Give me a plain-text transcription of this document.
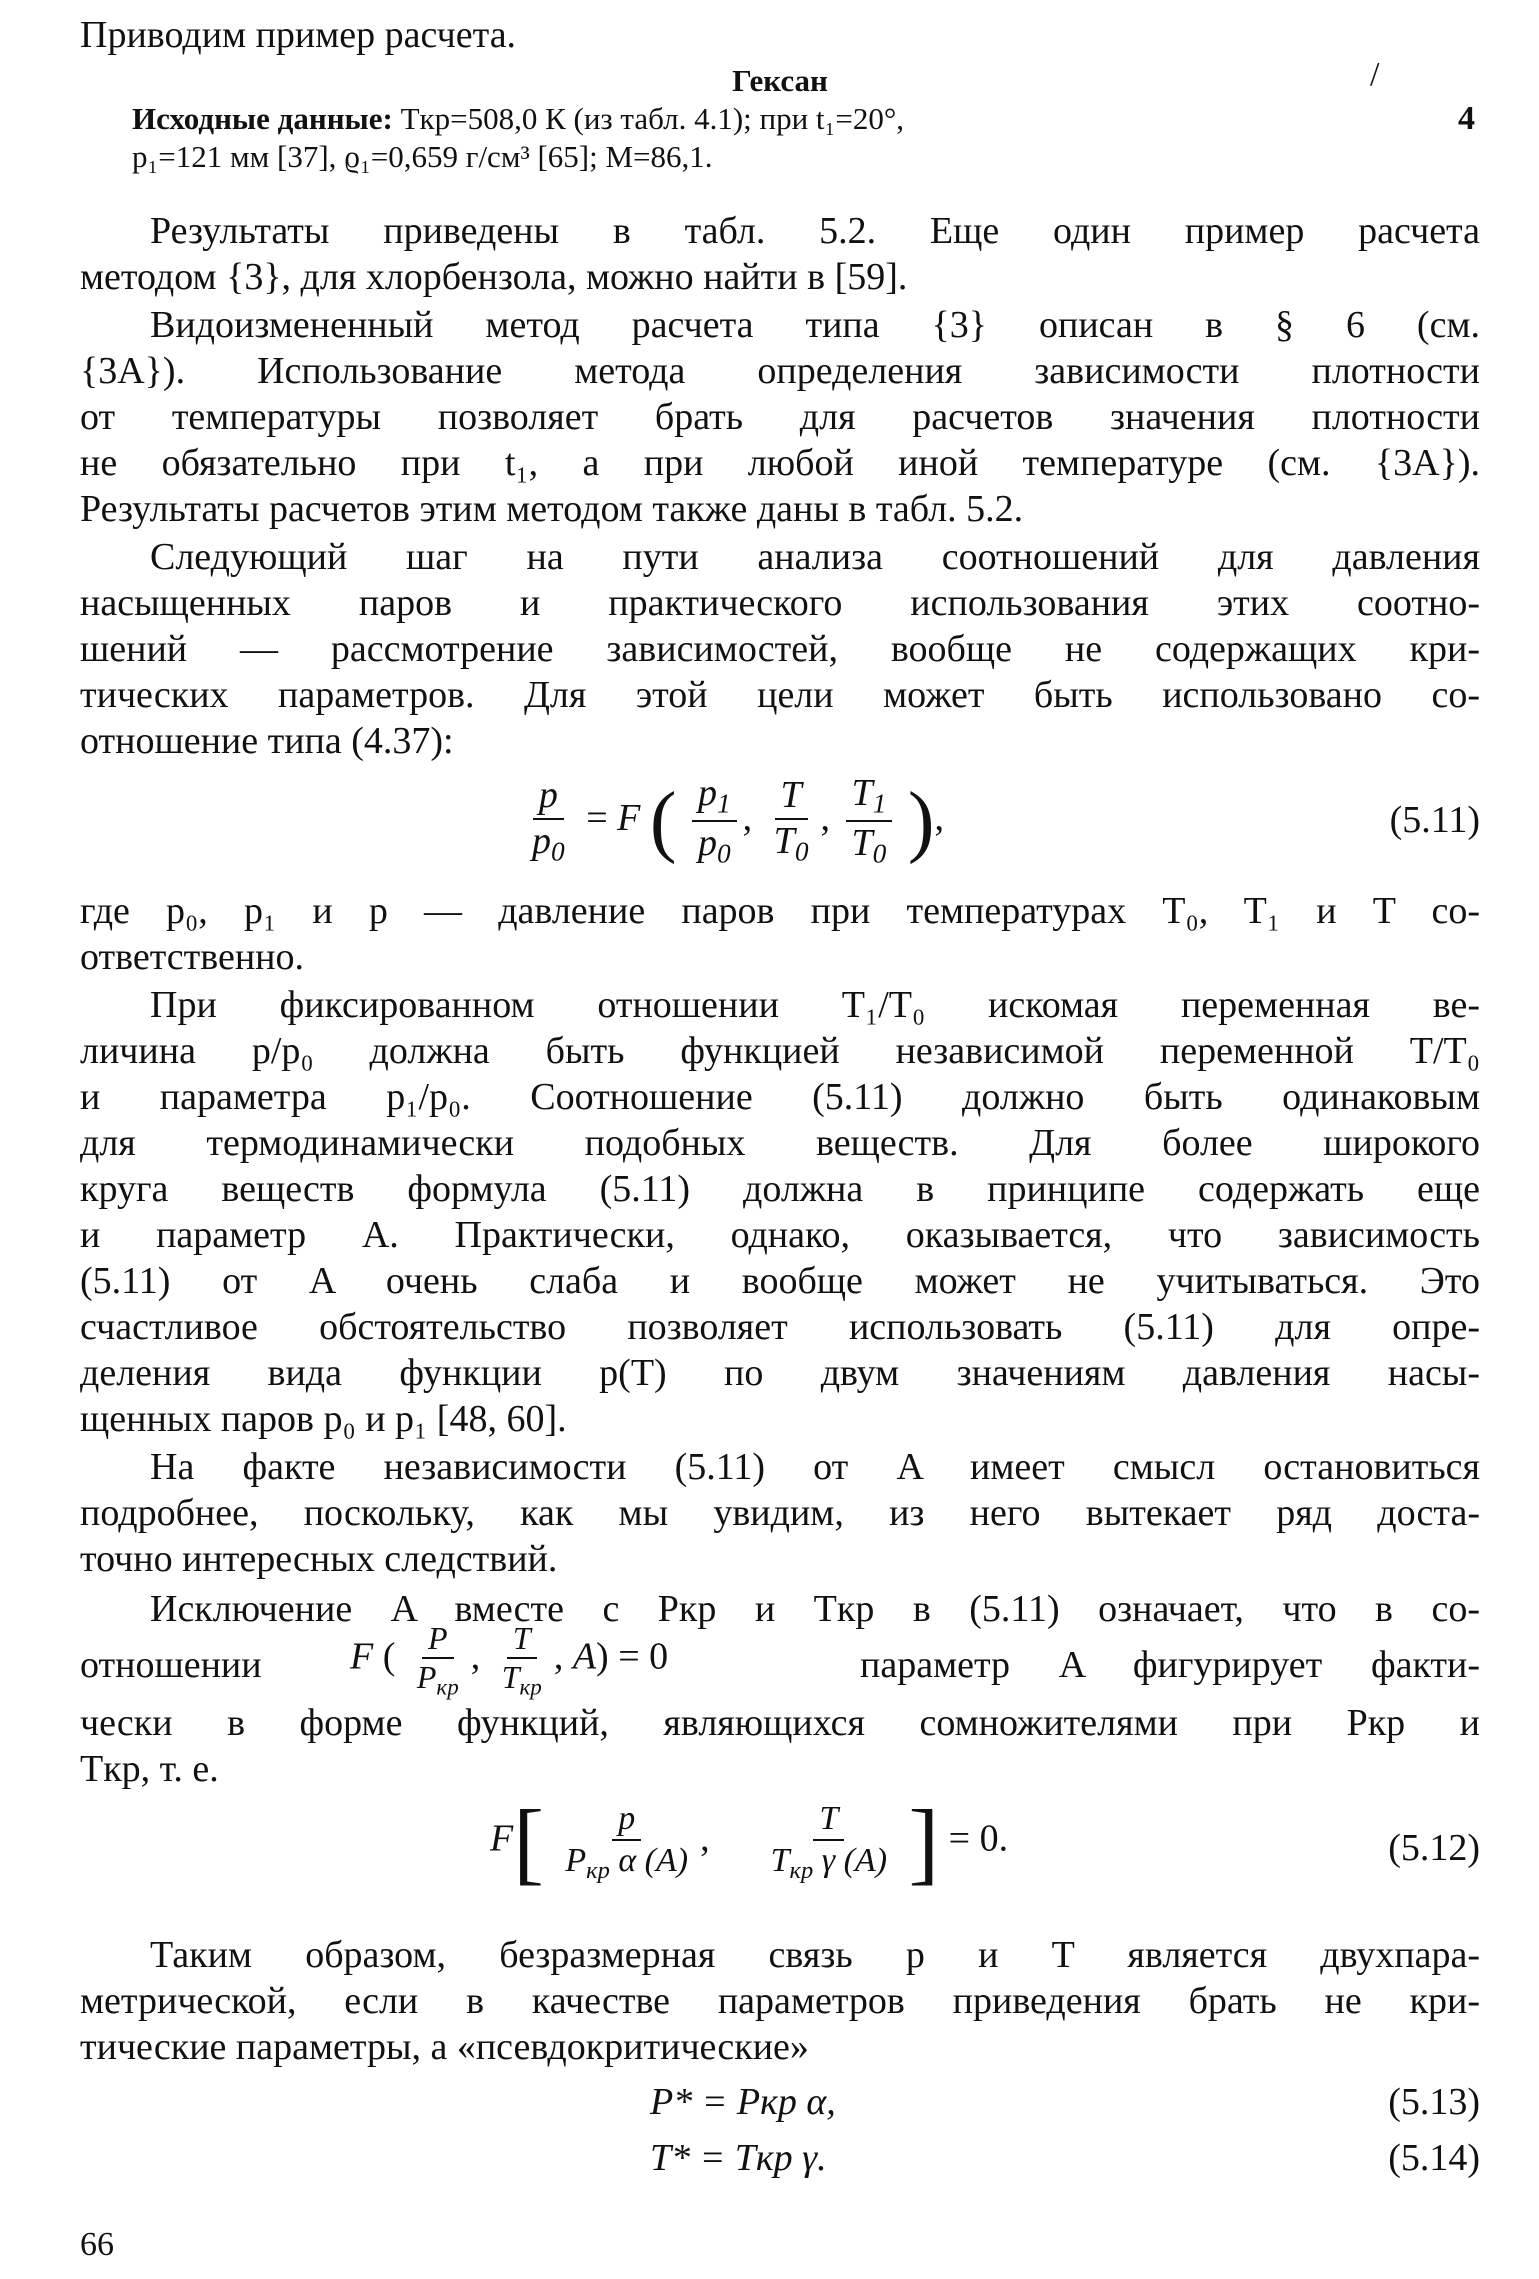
Приводим пример расчета.
Гексан	/
Исходные данные: Tкр=508,0 К (из табл. 4.1); при t₁=20°,	4
p₁=121 мм [37], ϱ₁=0,659 г/см³ [65]; M=86,1.
Результаты приведены в табл. 5.2. Еще один пример расчета
методом {3}, для хлорбензола, можно найти в [59].
Видоизмененный метод расчета типа {3} описан в § 6 (см.
{3A}). Использование метода определения зависимости плотности
от температуры позволяет брать для расчетов значения плотности
не обязательно при t₁, а при любой иной температуре (см. {3A}).
Результаты расчетов этим методом также даны в табл. 5.2.
Следующий шаг на пути анализа соотношений для давления
насыщенных паров и практического использования этих соотно-
шений — рассмотрение зависимостей, вообще не содержащих кри-
тических параметров. Для этой цели может быть использовано со-
отношение типа (4.37):
$\frac{p}{p_0} = F$ ( $\frac{p_1}{p_0}$ , $\frac{T}{T_0}$ , $\frac{T_1}{T_0}$ ),	(5.11)
где p₀, p₁ и p — давление паров при температурах T₀, T₁ и T со-
ответственно.
При фиксированном отношении T₁/T₀ искомая переменная ве-
личина p/p₀ должна быть функцией независимой переменной T/T₀
и параметра p₁/p₀. Соотношение (5.11) должно быть одинаковым
для термодинамически подобных веществ. Для более широкого
круга веществ формула (5.11) должна в принципе содержать еще
и параметр A. Практически, однако, оказывается, что зависимость
(5.11) от A очень слаба и вообще может не учитываться. Это
счастливое обстоятельство позволяет использовать (5.11) для опре-
деления вида функции p(T) по двум значениям давления насы-
щенных паров p₀ и p₁ [48, 60].
На факте независимости (5.11) от A имеет смысл остановиться
подробнее, поскольку, как мы увидим, из него вытекает ряд доста-
точно интересных следствий.
Исключение A вместе с Pкр и Tкр в (5.11) означает, что в со-
отношении F ( $\frac{P}{P_{кр}}$ , $\frac{T}{T_{кр}}$ , A) = 0	параметр A фигурирует факти-
чески в форме функций, являющихся сомножителями при Pкр и
Tкр, т. е.
$F[ \frac{p}{P_{кр} \alpha (A)}$ , $\frac{T}{T_{кр} \gamma (A)}$ ] = 0.	(5.12)
Таким образом, безразмерная связь p и T является двухпара-
метрической, если в качестве параметров приведения брать не кри-
тические параметры, а «псевдокритические»
P* = Pкр α,	(5.13)
T* = Tкр γ.	(5.14)
66
